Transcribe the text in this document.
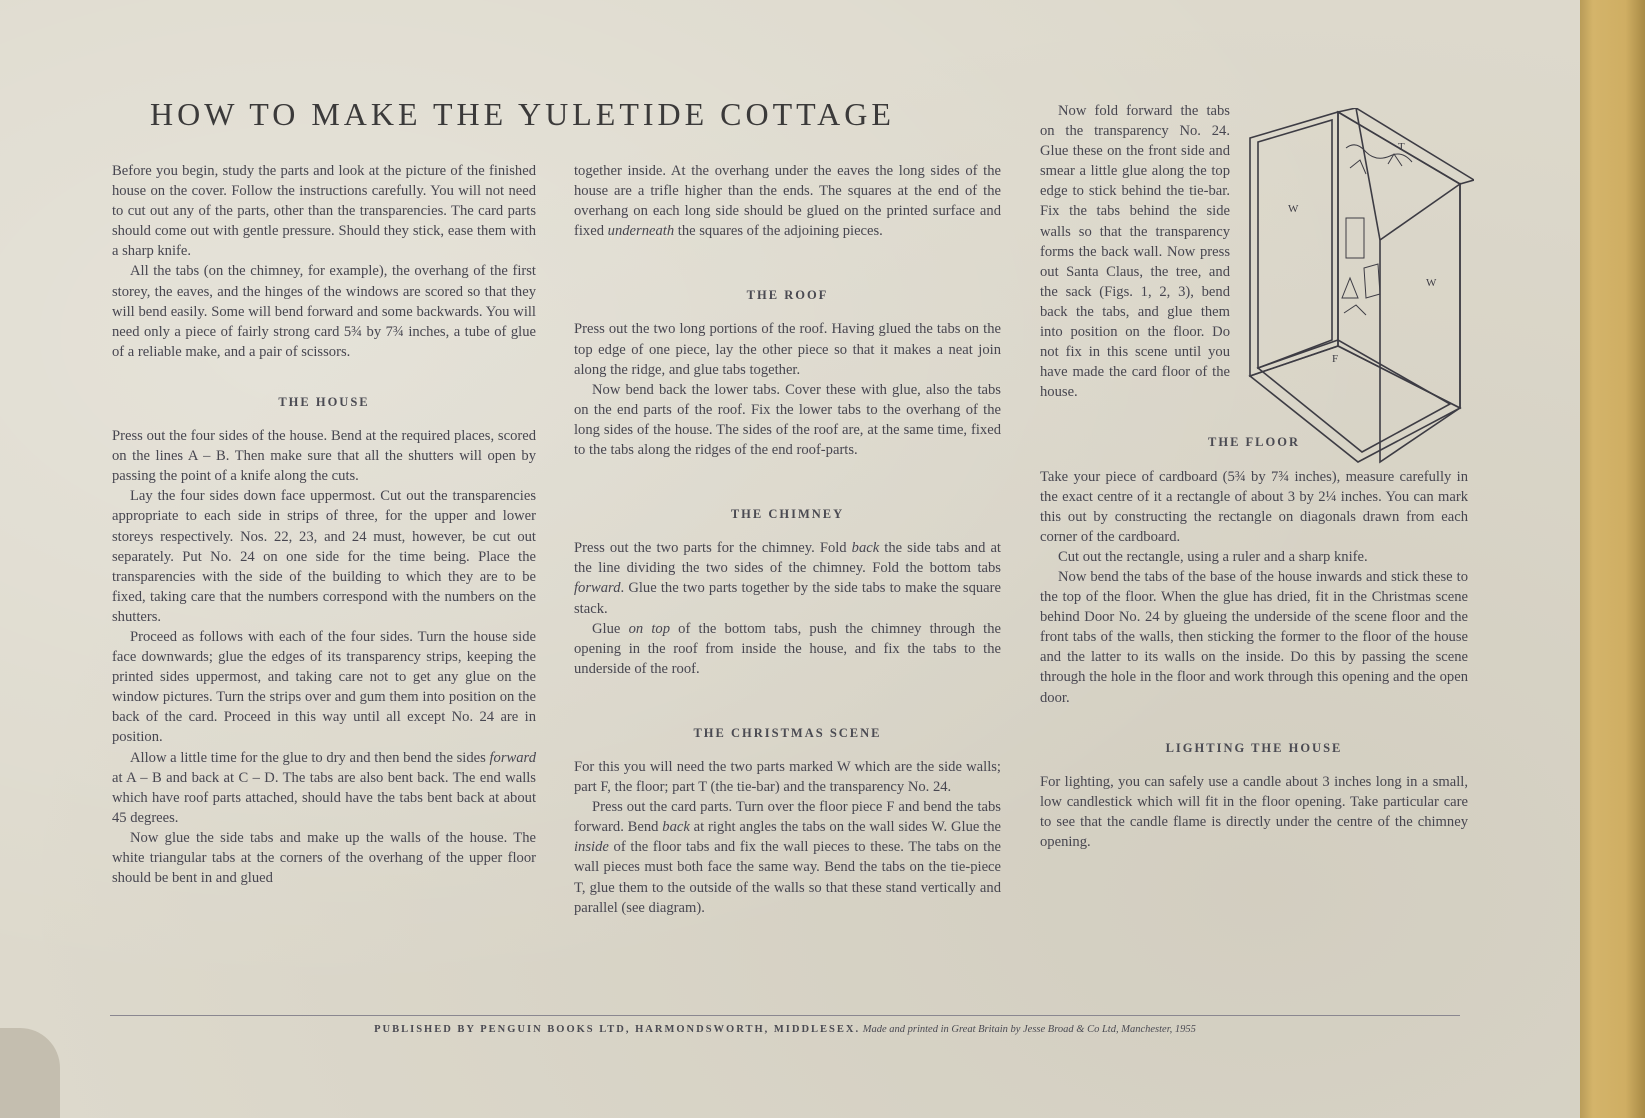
HOW TO MAKE THE YULETIDE COTTAGE

Before you begin, study the parts and look at the picture of the finished house on the cover. Follow the instructions carefully. You will not need to cut out any of the parts, other than the transparencies. The card parts should come out with gentle pressure. Should they stick, ease them with a sharp knife.

All the tabs (on the chimney, for example), the overhang of the first storey, the eaves, and the hinges of the windows are scored so that they will bend easily. Some will bend forward and some backwards. You will need only a piece of fairly strong card 5¾ by 7¾ inches, a tube of glue of a reliable make, and a pair of scissors.

THE HOUSE

Press out the four sides of the house. Bend at the required places, scored on the lines A – B. Then make sure that all the shutters will open by passing the point of a knife along the cuts.

Lay the four sides down face uppermost. Cut out the transparencies appropriate to each side in strips of three, for the upper and lower storeys respectively. Nos. 22, 23, and 24 must, however, be cut out separately. Put No. 24 on one side for the time being. Place the transparencies with the side of the building to which they are to be fixed, taking care that the numbers correspond with the numbers on the shutters.

Proceed as follows with each of the four sides. Turn the house side face downwards; glue the edges of its transparency strips, keeping the printed sides uppermost, and taking care not to get any glue on the window pictures. Turn the strips over and gum them into position on the back of the card. Proceed in this way until all except No. 24 are in position.

Allow a little time for the glue to dry and then bend the sides forward at A – B and back at C – D. The tabs are also bent back. The end walls which have roof parts attached, should have the tabs bent back at about 45 degrees.

Now glue the side tabs and make up the walls of the house. The white triangular tabs at the corners of the overhang of the upper floor should be bent in and glued

together inside. At the overhang under the eaves the long sides of the house are a trifle higher than the ends. The squares at the end of the overhang on each long side should be glued on the printed surface and fixed underneath the squares of the adjoining pieces.

THE ROOF

Press out the two long portions of the roof. Having glued the tabs on the top edge of one piece, lay the other piece so that it makes a neat join along the ridge, and glue tabs together.

Now bend back the lower tabs. Cover these with glue, also the tabs on the end parts of the roof. Fix the lower tabs to the overhang of the long sides of the house. The sides of the roof are, at the same time, fixed to the tabs along the ridges of the end roof-parts.

THE CHIMNEY

Press out the two parts for the chimney. Fold back the side tabs and at the line dividing the two sides of the chimney. Fold the bottom tabs forward. Glue the two parts together by the side tabs to make the square stack.

Glue on top of the bottom tabs, push the chimney through the opening in the roof from inside the house, and fix the tabs to the underside of the roof.

THE CHRISTMAS SCENE

For this you will need the two parts marked W which are the side walls; part F, the floor; part T (the tie-bar) and the transparency No. 24.

Press out the card parts. Turn over the floor piece F and bend the tabs forward. Bend back at right angles the tabs on the wall sides W. Glue the inside of the floor tabs and fix the wall pieces to these. The tabs on the wall pieces must both face the same way. Bend the tabs on the tie-piece T, glue them to the outside of the walls so that these stand vertically and parallel (see diagram).

Now fold forward the tabs on the transparency No. 24. Glue these on the front side and smear a little glue along the top edge to stick behind the tie-bar. Fix the tabs behind the side walls so that the transparency forms the back wall. Now press out Santa Claus, the tree, and the sack (Figs. 1, 2, 3), bend back the tabs, and glue them into position on the floor. Do not fix in this scene until you have made the card floor of the house.

THE FLOOR

Take your piece of cardboard (5¾ by 7¾ inches), measure carefully in the exact centre of it a rectangle of about 3 by 2¼ inches. You can mark this out by constructing the rectangle on diagonals drawn from each corner of the cardboard.

Cut out the rectangle, using a ruler and a sharp knife.

Now bend the tabs of the base of the house inwards and stick these to the top of the floor. When the glue has dried, fit in the Christmas scene behind Door No. 24 by glueing the underside of the scene floor and the front tabs of the walls, then sticking the former to the floor of the house and the latter to its walls on the inside. Do this by passing the scene through the hole in the floor and work through this opening and the open door.

LIGHTING THE HOUSE

For lighting, you can safely use a candle about 3 inches long in a small, low candlestick which will fit in the floor opening. Take particular care to see that the candle flame is directly under the centre of the chimney opening.

W
W
F
T
PUBLISHED BY PENGUIN BOOKS LTD, HARMONDSWORTH, MIDDLESEX. Made and printed in Great Britain by Jesse Broad & Co Ltd, Manchester, 1955
